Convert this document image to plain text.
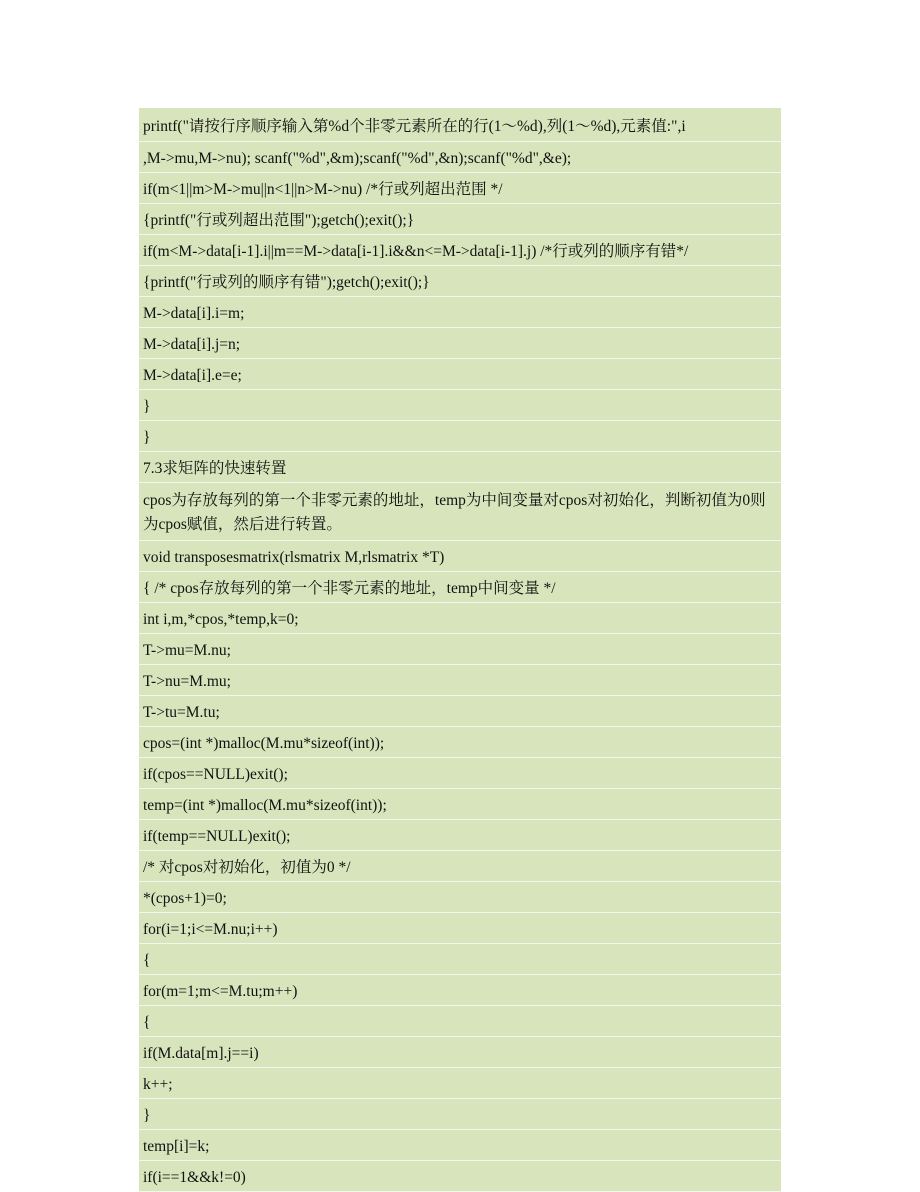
printf("请按行序顺序输入第%d个非零元素所在的行(1～%d),列(1～%d),元素值:",i
,M->mu,M->nu); scanf("%d",&m);scanf("%d",&n);scanf("%d",&e);
if(m<1||m>M->mu||n<1||n>M->nu) /*行或列超出范围 */
{printf("行或列超出范围");getch();exit();}
if(m<M->data[i-1].i||m==M->data[i-1].i&&n<=M->data[i-1].j) /*行或列的顺序有错*/
{printf("行或列的顺序有错");getch();exit();}
M->data[i].i=m;
M->data[i].j=n;
M->data[i].e=e;
}
}
7.3求矩阵的快速转置
cpos为存放每列的第一个非零元素的地址，temp为中间变量对cpos对初始化，判断初值为0则为cpos赋值，然后进行转置。
void transposesmatrix(rlsmatrix M,rlsmatrix *T)
{ /* cpos存放每列的第一个非零元素的地址，temp中间变量 */
int i,m,*cpos,*temp,k=0;
T->mu=M.nu;
T->nu=M.mu;
T->tu=M.tu;
cpos=(int *)malloc(M.mu*sizeof(int));
if(cpos==NULL)exit();
temp=(int *)malloc(M.mu*sizeof(int));
if(temp==NULL)exit();
/* 对cpos对初始化，初值为0 */
*(cpos+1)=0;
for(i=1;i<=M.nu;i++)
{
for(m=1;m<=M.tu;m++)
{
if(M.data[m].j==i)
k++;
}
temp[i]=k;
if(i==1&&k!=0)
